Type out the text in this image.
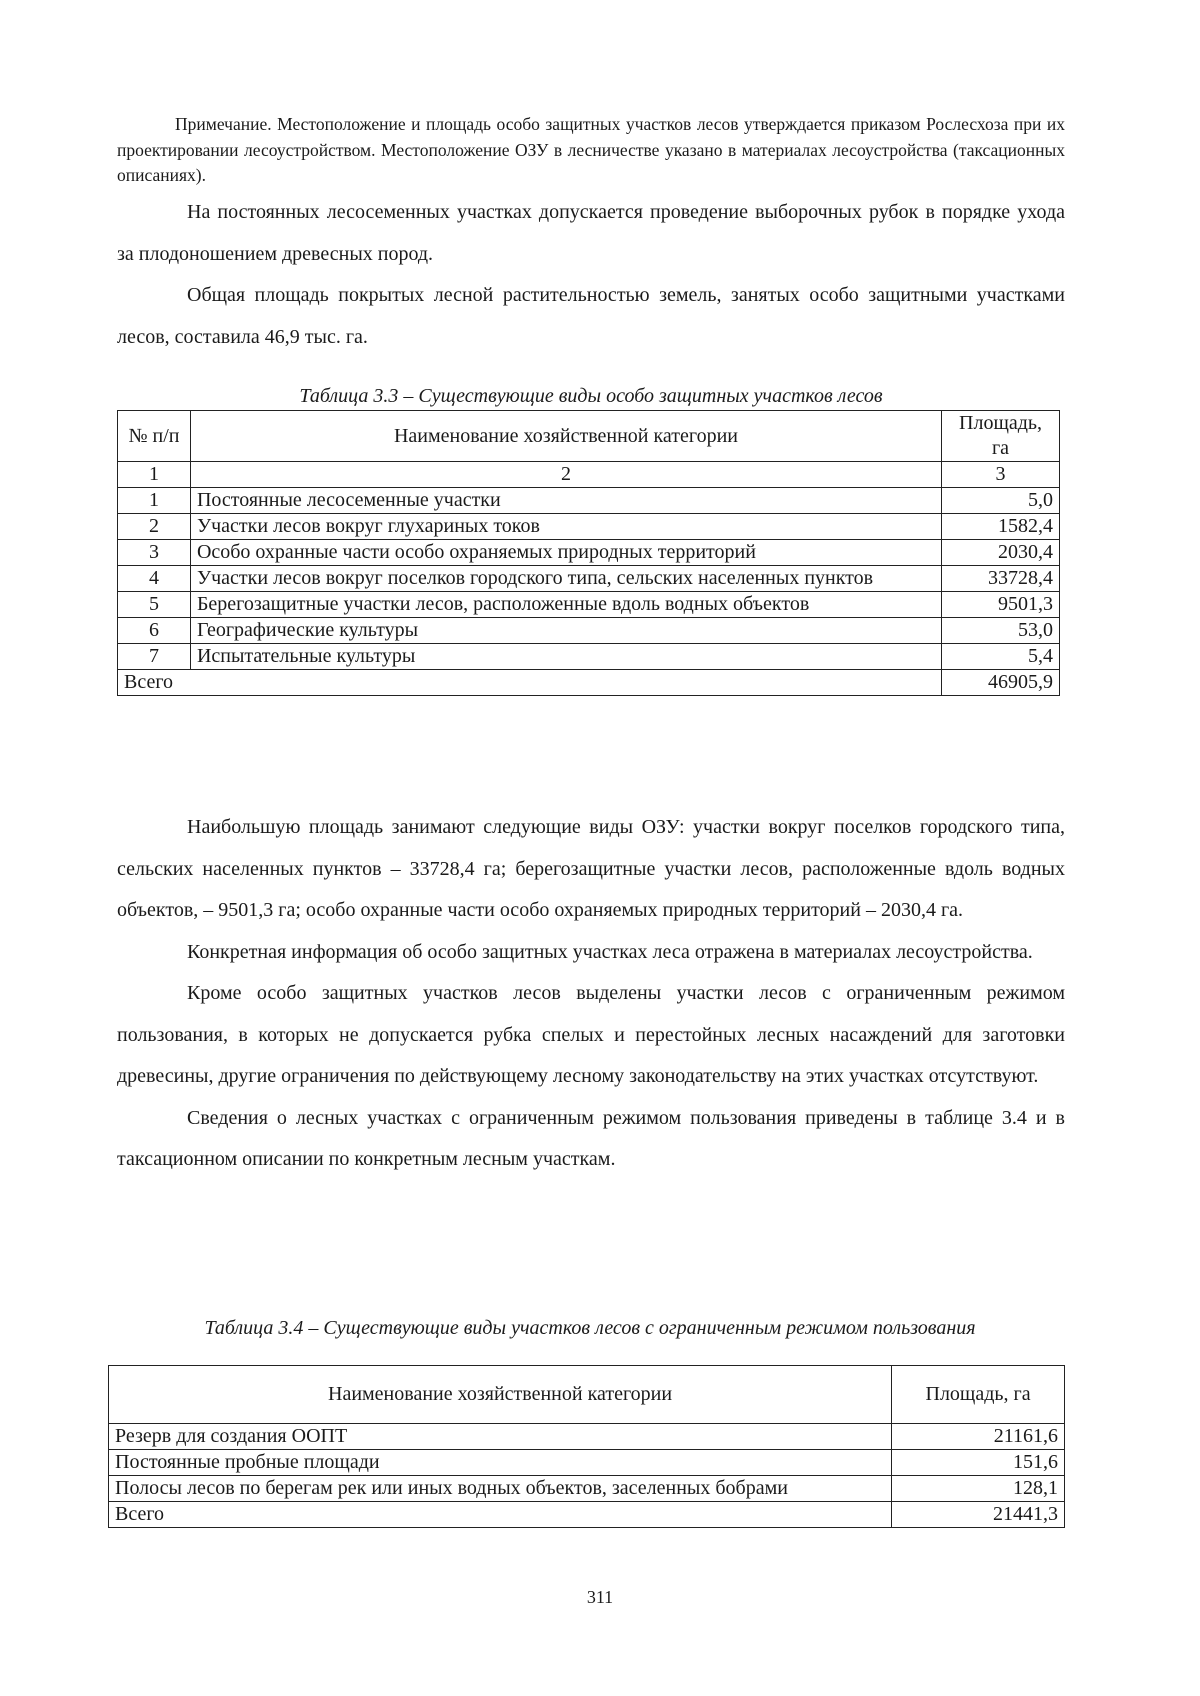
Примечание. Местоположение и площадь особо защитных участков лесов утверждается приказом Рослесхоза при их проектировании лесоустройством. Местоположение ОЗУ в лесничестве указано в материалах лесоустройства (таксационных описаниях).

На постоянных лесосеменных участках допускается проведение выборочных рубок в порядке ухода за плодоношением древесных пород.

Общая площадь покрытых лесной растительностью земель, занятых особо защитными участками лесов, составила 46,9 тыс. га.

Таблица 3.3 – Существующие виды особо защитных участков лесов
№ п/п	Наименование хозяйственной категории	Площадь, га
1	2	3
1	Постоянные лесосеменные участки	5,0
2	Участки лесов вокруг глухариных токов	1582,4
3	Особо охранные части особо охраняемых природных территорий	2030,4
4	Участки лесов вокруг поселков городского типа, сельских населенных пунктов	33728,4
5	Берегозащитные участки лесов, расположенные вдоль водных объектов	9501,3
6	Географические культуры	53,0
7	Испытательные культуры	5,4
Всего		46905,9

Наибольшую площадь занимают следующие виды ОЗУ: участки вокруг поселков городского типа, сельских населенных пунктов – 33728,4 га; берегозащитные участки лесов, расположенные вдоль водных объектов, – 9501,3 га; особо охранные части особо охраняемых природных территорий – 2030,4 га.

Конкретная информация об особо защитных участках леса отражена в материалах лесоустройства.

Кроме особо защитных участков лесов выделены участки лесов с ограниченным режимом пользования, в которых не допускается рубка спелых и перестойных лесных насаждений для заготовки древесины, другие ограничения по действующему лесному законодательству на этих участках отсутствуют.

Сведения о лесных участках с ограниченным режимом пользования приведены в таблице 3.4 и в таксационном описании по конкретным лесным участкам.

Таблица 3.4 – Существующие виды участков лесов с ограниченным режимом пользования
Наименование хозяйственной категории	Площадь, га
Резерв для создания ООПТ	21161,6
Постоянные пробные площади	151,6
Полосы лесов по берегам рек или иных водных объектов, заселенных бобрами	128,1
Всего	21441,3
311
